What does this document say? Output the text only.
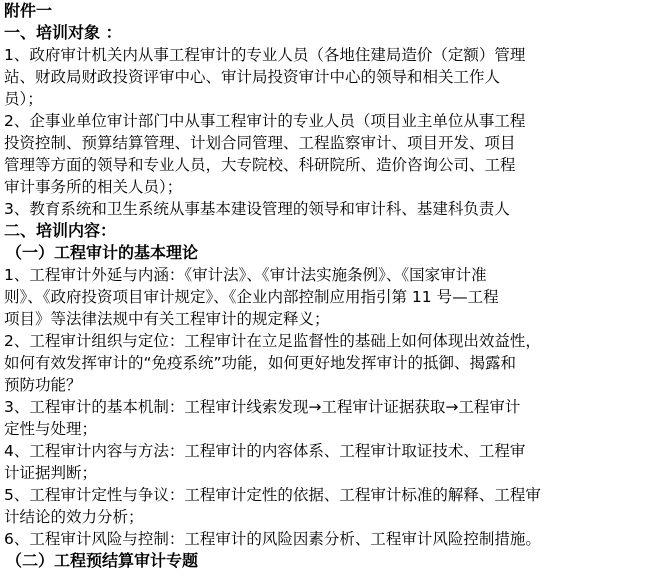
附件一
一、培训对象 ：
1、政府审计机关内从事工程审计的专业人员（各地住建局造价（定额）管理
站、财政局财政投资评审中心、审计局投资审计中心的领导和相关工作人
员）；
2、企事业单位审计部门中从事工程审计的专业人员（项目业主单位从事工程
投资控制、预算结算管理、计划合同管理、工程监察审计、项目开发、项目
管理等方面的领导和专业人员，大专院校、科研院所、造价咨询公司、工程
审计事务所的相关人员）；
3、教育系统和卫生系统从事基本建设管理的领导和审计科、基建科负责人
二、培训内容：
（一）工程审计的基本理论
1、工程审计外延与内涵：《审计法》、《审计法实施条例》、《国家审计准
则》、《政府投资项目审计规定》、《企业内部控制应用指引第 11 号—工程
项目》等法律法规中有关工程审计的规定释义；
2、工程审计组织与定位：工程审计在立足监督性的基础上如何体现出效益性，
如何有效发挥审计的“免疫系统”功能，如何更好地发挥审计的抵御、揭露和
预防功能？
3、工程审计的基本机制：工程审计线索发现→工程审计证据获取→工程审计
定性与处理；
4、工程审计内容与方法：工程审计的内容体系、工程审计取证技术、工程审
计证据判断；
5、工程审计定性与争议：工程审计定性的依据、工程审计标准的解释、工程审
计结论的效力分析；
6、工程审计风险与控制：工程审计的风险因素分析、工程审计风险控制措施。
（二）工程预结算审计专题
